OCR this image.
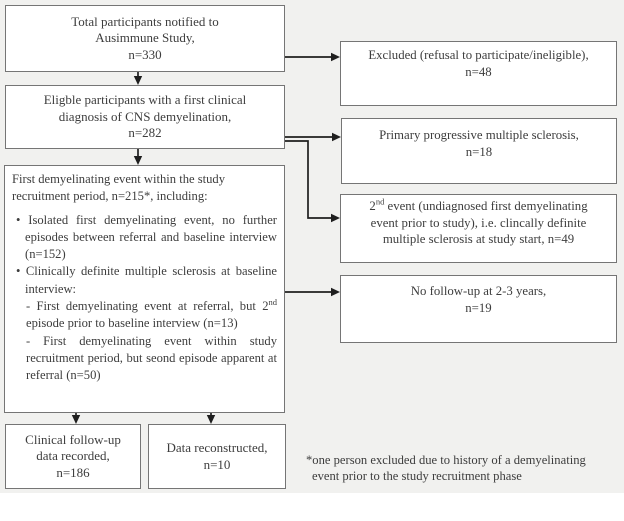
Total participants notified to
Ausimmune Study,
n=330
Eligble participants with a first clinical
diagnosis of CNS demyelination,
n=282

First demyelinating event within the study recruitment period, n=215*, including:

• Isolated first demyelinating event, no further episodes between referral and baseline interview (n=152)

• Clinically definite multiple sclerosis at baseline interview:

- First demyelinating event at referral, but 2nd episode prior to baseline interview (n=13)

- First demyelinating event within study recruitment period, but seond episode apparent at referral (n=50)

Clinical follow-up
data recorded,
n=186
Data reconstructed,
n=10
Excluded (refusal to participate/ineligible),
n=48
Primary progressive multiple sclerosis,
n=18
2nd event (undiagnosed first demyelinating
event prior to study), i.e. clincally definite
multiple sclerosis at study start, n=49
No follow-up at 2-3 years,
n=19
*one person excluded due to history of a demyelinating
event prior to the study recruitment phase
